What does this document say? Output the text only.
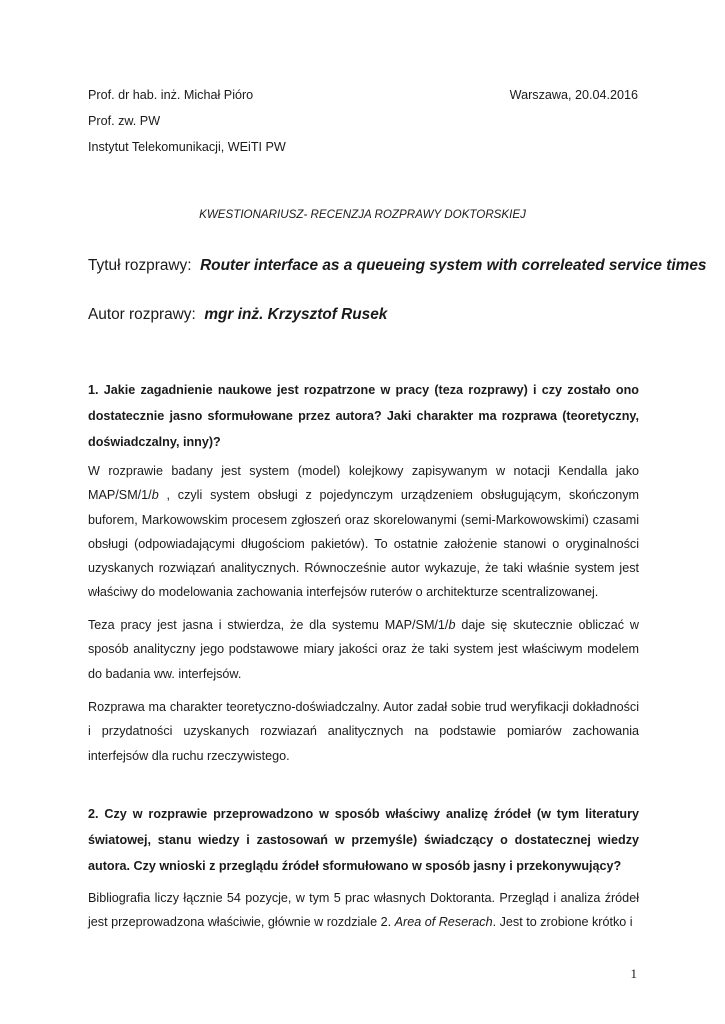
Prof. dr hab. inż. Michał Pióro
Prof. zw. PW
Instytut Telekomunikacji, WEiTI PW
Warszawa, 20.04.2016
KWESTIONARIUSZ- RECENZJA ROZPRAWY DOKTORSKIEJ
Tytuł rozprawy: Router interface as a queueing system with correleated service times
Autor rozprawy: mgr inż. Krzysztof Rusek

1. Jakie zagadnienie naukowe jest rozpatrzone w pracy (teza rozprawy) i czy zostało ono dostatecznie jasno sformułowane przez autora? Jaki charakter ma rozprawa (teoretyczny, doświadczalny, inny)?

W rozprawie badany jest system (model) kolejkowy zapisywanym w notacji Kendalla jako MAP/SM/1/b , czyli system obsługi z pojedynczym urządzeniem obsługującym, skończonym buforem, Markowowskim procesem zgłoszeń oraz skorelowanymi (semi-Markowowskimi) czasami obsługi (odpowiadającymi długościom pakietów). To ostatnie założenie stanowi o oryginalności uzyskanych rozwiązań analitycznych. Równocześnie autor wykazuje, że taki właśnie system jest właściwy do modelowania zachowania interfejsów ruterów o architekturze scentralizowanej.

Teza pracy jest jasna i stwierdza, że dla systemu MAP/SM/1/b daje się skutecznie obliczać w sposób analityczny jego podstawowe miary jakości oraz że taki system jest właściwym modelem do badania ww. interfejsów.

Rozprawa ma charakter teoretyczno-doświadczalny. Autor zadał sobie trud weryfikacji dokładności i przydatności uzyskanych rozwiazań analitycznych na podstawie pomiarów zachowania interfejsów dla ruchu rzeczywistego.

2. Czy w rozprawie przeprowadzono w sposób właściwy analizę źródeł (w tym literatury światowej, stanu wiedzy i zastosowań w przemyśle) świadczący o dostatecznej wiedzy autora. Czy wnioski z przeglądu źródeł sformułowano w sposób jasny i przekonywujący?

Bibliografia liczy łącznie 54 pozycje, w tym 5 prac własnych Doktoranta. Przegląd i analiza źródeł jest przeprowadzona właściwie, głównie w rozdziale 2. Area of Reserach. Jest to zrobione krótko i

1
